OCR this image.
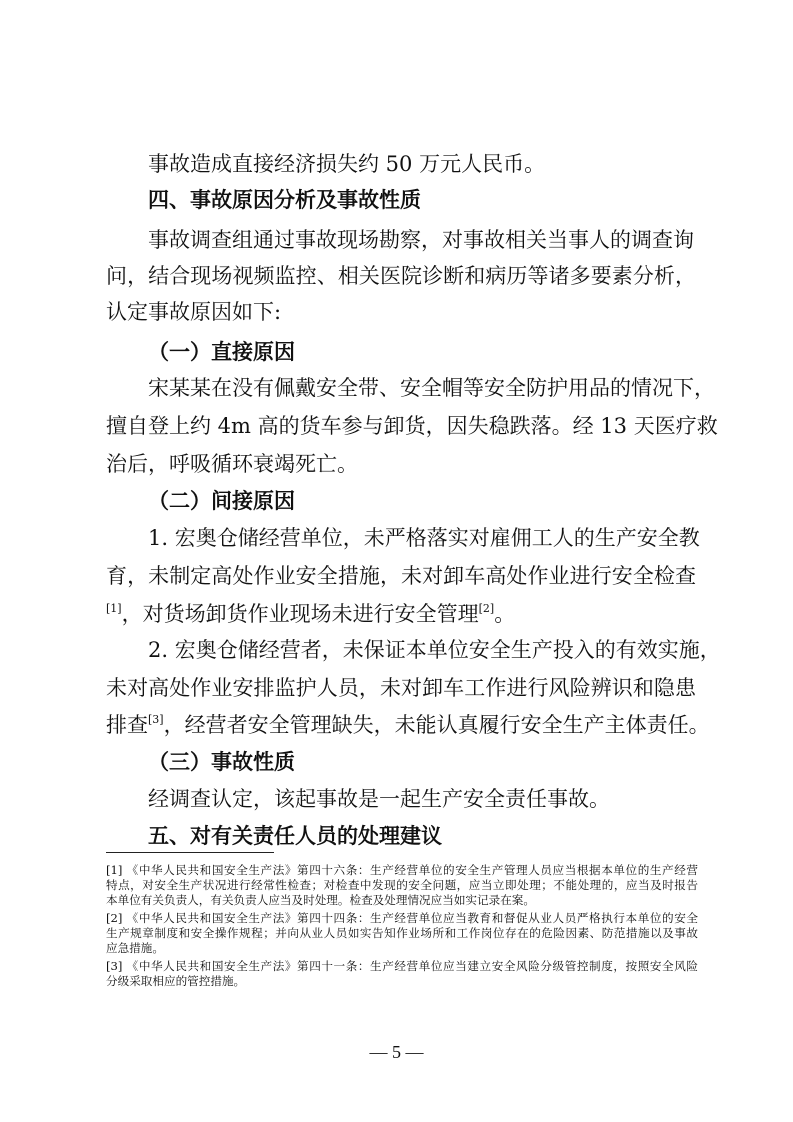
事故造成直接经济损失约 50 万元人民币。
四、事故原因分析及事故性质
事故调查组通过事故现场勘察，对事故相关当事人的调查询
问，结合现场视频监控、相关医院诊断和病历等诸多要素分析，
认定事故原因如下:
（一）直接原因
宋某某在没有佩戴安全带、安全帽等安全防护用品的情况下，
擅自登上约 4m 高的货车参与卸货，因失稳跌落。经 13 天医疗救
治后，呼吸循环衰竭死亡。
（二）间接原因
1. 宏奥仓储经营单位，未严格落实对雇佣工人的生产安全教
育，未制定高处作业安全措施，未对卸车高处作业进行安全检查
[1]，对货场卸货作业现场未进行安全管理[2]。
2. 宏奥仓储经营者，未保证本单位安全生产投入的有效实施，
未对高处作业安排监护人员，未对卸车工作进行风险辨识和隐患
排查[3]，经营者安全管理缺失，未能认真履行安全生产主体责任。
（三）事故性质
经调查认定，该起事故是一起生产安全责任事故。
五、对有关责任人员的处理建议
[1] 《中华人民共和国安全生产法》第四十六条：生产经营单位的安全生产管理人员应当根据本单位的生产经营
特点，对安全生产状况进行经常性检查；对检查中发现的安全问题，应当立即处理；不能处理的，应当及时报告
本单位有关负责人，有关负责人应当及时处理。检查及处理情况应当如实记录在案。
[2] 《中华人民共和国安全生产法》第四十四条：生产经营单位应当教育和督促从业人员严格执行本单位的安全
生产规章制度和安全操作规程；并向从业人员如实告知作业场所和工作岗位存在的危险因素、防范措施以及事故
应急措施。
[3] 《中华人民共和国安全生产法》第四十一条：生产经营单位应当建立安全风险分级管控制度，按照安全风险
分级采取相应的管控措施。
— 5 —
